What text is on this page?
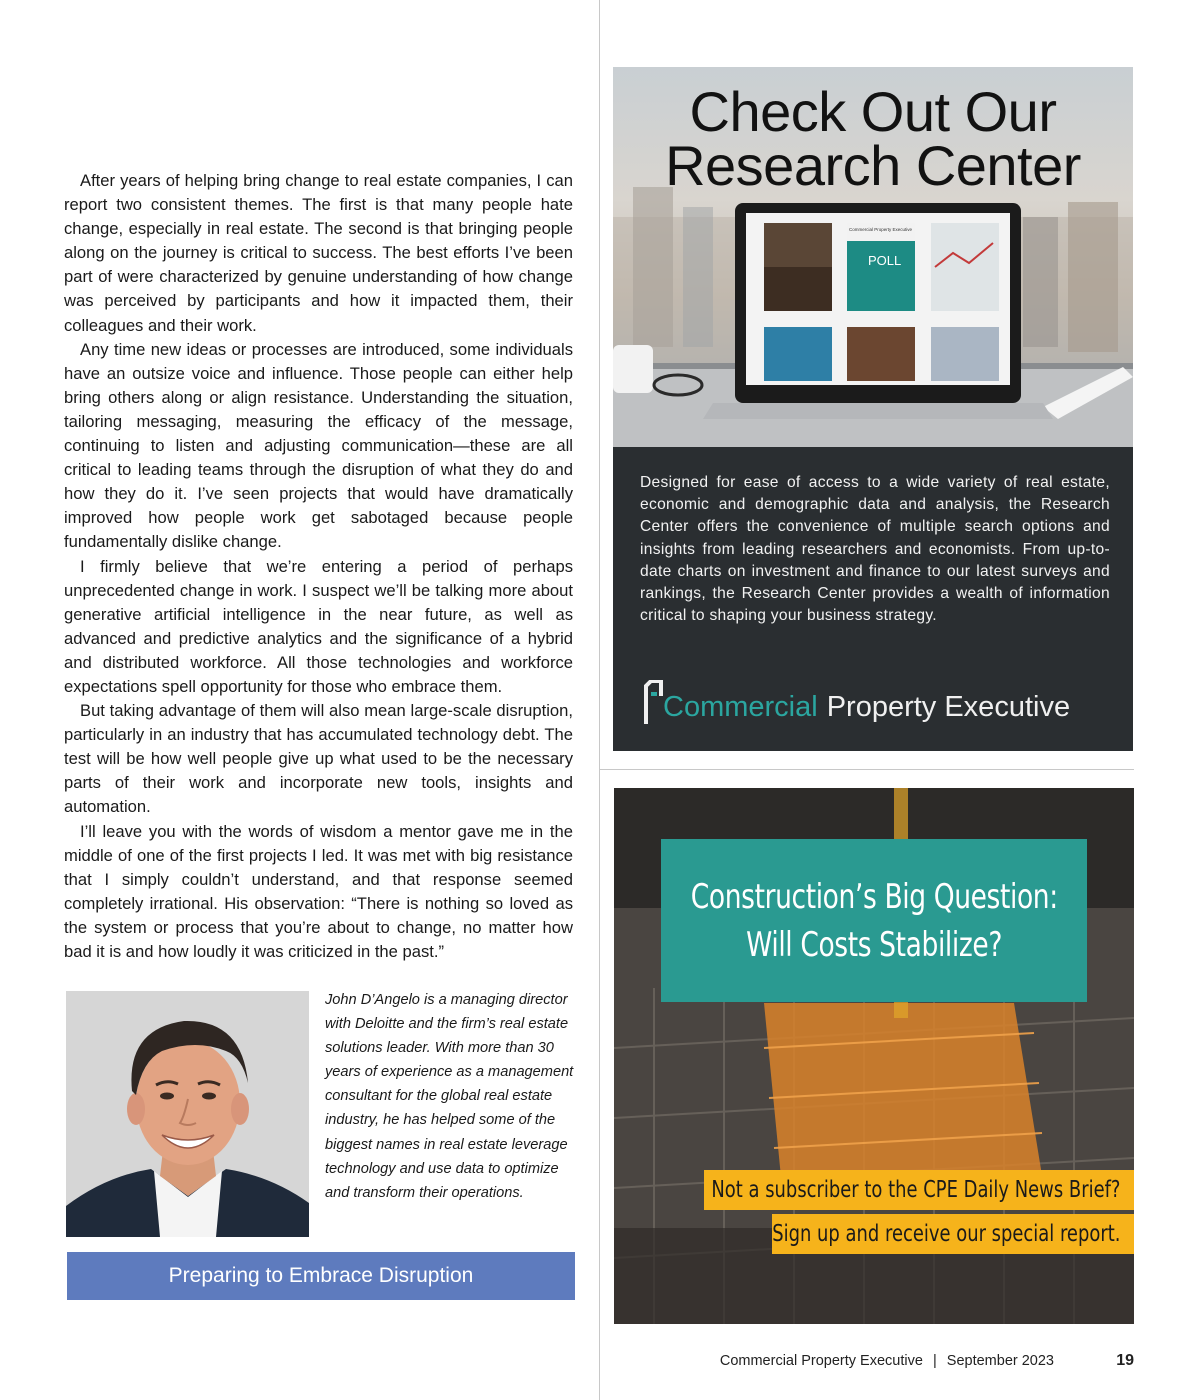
After years of helping bring change to real estate companies, I can report two consistent themes. The first is that many people hate change, especially in real estate. The second is that bringing people along on the journey is critical to success. The best efforts I’ve been part of were characterized by genuine understanding of how change was perceived by participants and how it impacted them, their colleagues and their work.

Any time new ideas or processes are introduced, some individuals have an outsize voice and influence. Those people can either help bring others along or align resistance. Understanding the situation, tailoring messaging, measuring the efficacy of the message, continuing to listen and adjusting communication—these are all critical to leading teams through the disruption of what they do and how they do it. I’ve seen projects that would have dramatically improved how people work get sabotaged because people fundamentally dislike change.

I firmly believe that we’re entering a period of perhaps unprecedented change in work. I suspect we’ll be talking more about generative artificial intelligence in the near future, as well as advanced and predictive analytics and the significance of a hybrid and distributed workforce. All those technologies and workforce expectations spell opportunity for those who embrace them.

But taking advantage of them will also mean large-scale disruption, particularly in an industry that has accumulated technology debt. The test will be how well people give up what used to be the necessary parts of their work and incorporate new tools, insights and automation.

I’ll leave you with the words of wisdom a mentor gave me in the middle of one of the first projects I led. It was met with big resistance that I simply couldn’t understand, and that response seemed completely irrational. His observation: “There is nothing so loved as the system or process that you’re about to change, no matter how bad it is and how loudly it was criticized in the past.”

John D’Angelo is a managing director with Deloitte and the firm’s real estate solutions leader. With more than 30 years of experience as a management consultant for the global real estate industry, he has helped some of the biggest names in real estate leverage technology and use data to optimize and transform their operations.
Preparing to Embrace Disruption
POLL
Commercial Property Executive
Check Out Our
Research Center
Designed for ease of access to a wide variety of real estate, economic and demographic data and analysis, the Research Center offers the convenience of multiple search options and insights from leading researchers and economists. From up-to-date charts on investment and finance to our latest surveys and rankings, the Research Center provides a wealth of information critical to shaping your business strategy.
Commercial Property Executive
Construction’s Big Question:
Will Costs Stabilize?
Not a subscriber to the CPE Daily News Brief?
Sign up and receive our special report.
Commercial Property Executive | September 2023	19
